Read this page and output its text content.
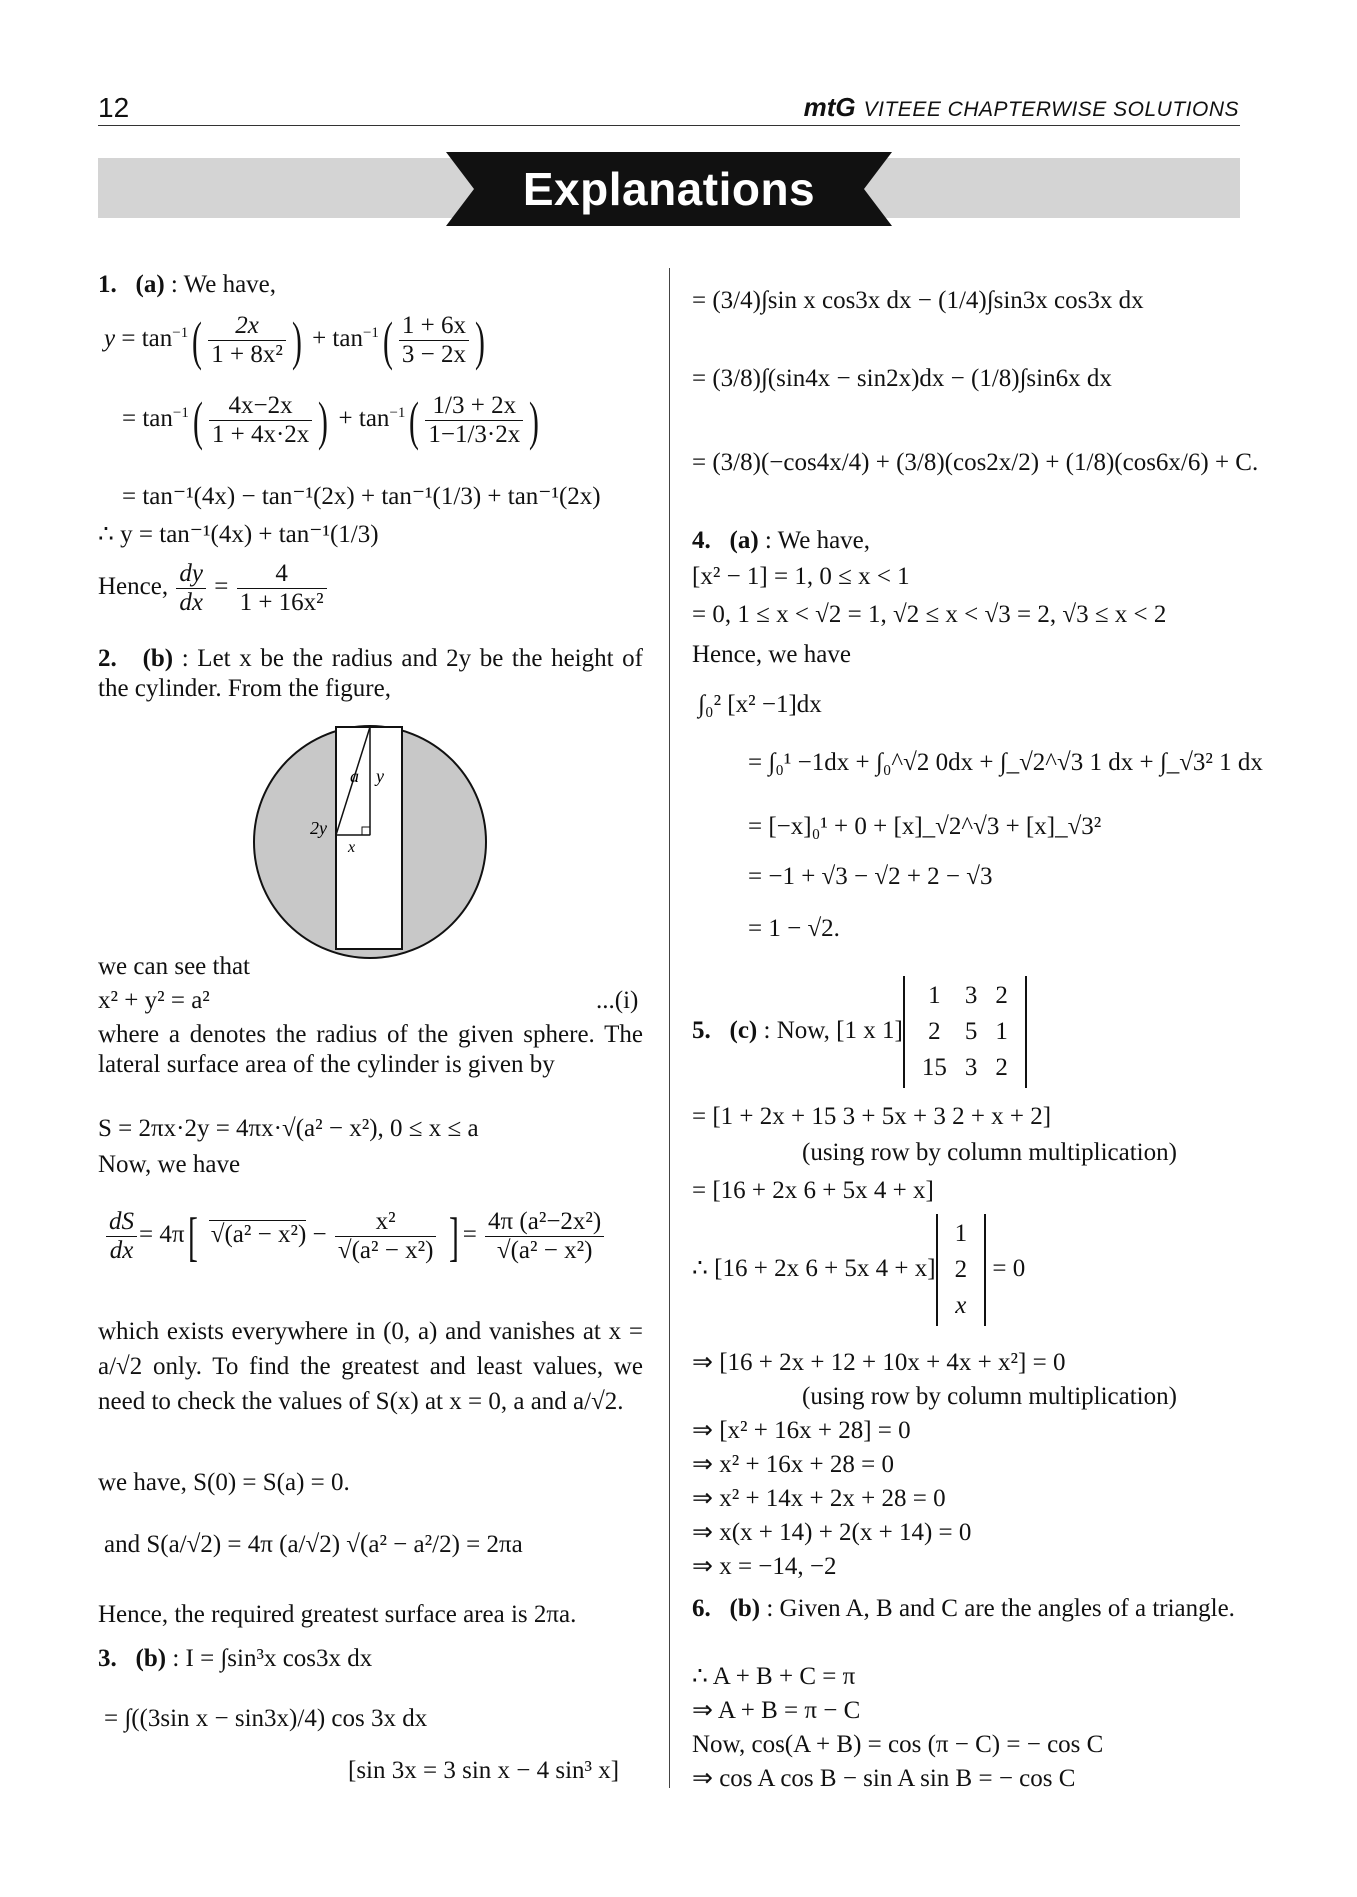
12	mtG VITEEE CHAPTERWISE SOLUTIONS
Explanations
1. (a) : We have,
$y = \tan^{-1}( \frac{2x}{\text{1 + 8x²}}$ ) + $\tan^{-1}( \frac{1 + 6x}{3 - 2x}$ )
= $\tan^{-1}( \frac{4x-2x}{1 + 4x\cdot 2x}$ ) + $\tan^{-1}( \frac{1/3 + 2x}{1-1/3\cdot 2x}$ )
= tan⁻¹(4x) − tan⁻¹(2x) + tan⁻¹(1/3) + tan⁻¹(2x)
∴ y = tan⁻¹(4x) + tan⁻¹(1/3)
Hence, $\frac{dy}{dx} = \frac{4}{\text{1 + 16x²}}$
2. (b) : Let x be the radius and 2y be the height of the cylinder. From the figure,
a y
2y
x
we can see that
x² + y² = a²	...(i)
where a denotes the radius of the given sphere. The lateral surface area of the cylinder is given by
S = 2πx·2y = 4πx·√(a² − x²), 0 ≤ x ≤ a
Now, we have
$\frac{dS}{dx} = 4\pi$[ $√(a^2 - x^2) - \frac{\text{x²}}{\text{√(a² − x²)}}$ ] = $\frac{\text{4π (a²−2x²)}}{\text{√(a² − x²)}}$
which exists everywhere in (0, a) and vanishes at x = a/√2 only. To find the greatest and least values, we need to check the values of S(x) at x = 0, a and a/√2.
we have, S(0) = S(a) = 0.
and S(a/√2) = 4π (a/√2) √(a² − a²/2) = 2πa
Hence, the required greatest surface area is 2πa.
3. (b) : I = ∫sin³x cos3x dx
= ∫((3sin x − sin3x)/4) cos 3x dx
[sin 3x = 3 sin x − 4 sin³ x]
= (3/4)∫sin x cos3x dx − (1/4)∫sin3x cos3x dx
= (3/8)∫(sin4x − sin2x)dx − (1/8)∫sin6x dx
= (3/8)(−cos4x/4) + (3/8)(cos2x/2) + (1/8)(cos6x/6) + C.
4. (a) : We have,
[x² − 1] = 1, 0 ≤ x < 1
= 0, 1 ≤ x < √2 = 1, √2 ≤ x < √3 = 2, √3 ≤ x < 2
Hence, we have
∫₀² [x² −1]dx
= ∫₀¹ −1dx + ∫₀^√2 0dx + ∫_√2^√3 1 dx + ∫_√3² 1 dx
= [−x]₀¹ + 0 + [x]_√2^√3 + [x]_√3²
= −1 + √3 − √2 + 2 − √3
= 1 − √2.
5. (c) : Now, [1 x 1]
1	3	2
2	5	1
15	3	2
= [1 + 2x + 15 3 + 5x + 3 2 + x + 2]
(using row by column multiplication)
= [16 + 2x 6 + 5x 4 + x]
∴ [16 + 2x 6 + 5x 4 + x]
1
2
x
= 0
⇒ [16 + 2x + 12 + 10x + 4x + x²] = 0
(using row by column multiplication)
⇒ [x² + 16x + 28] = 0
⇒ x² + 16x + 28 = 0
⇒ x² + 14x + 2x + 28 = 0
⇒ x(x + 14) + 2(x + 14) = 0
⇒ x = −14, −2
6. (b) : Given A, B and C are the angles of a triangle.
∴ A + B + C = π
⇒ A + B = π − C
Now, cos(A + B) = cos (π − C) = − cos C
⇒ cos A cos B − sin A sin B = − cos C
